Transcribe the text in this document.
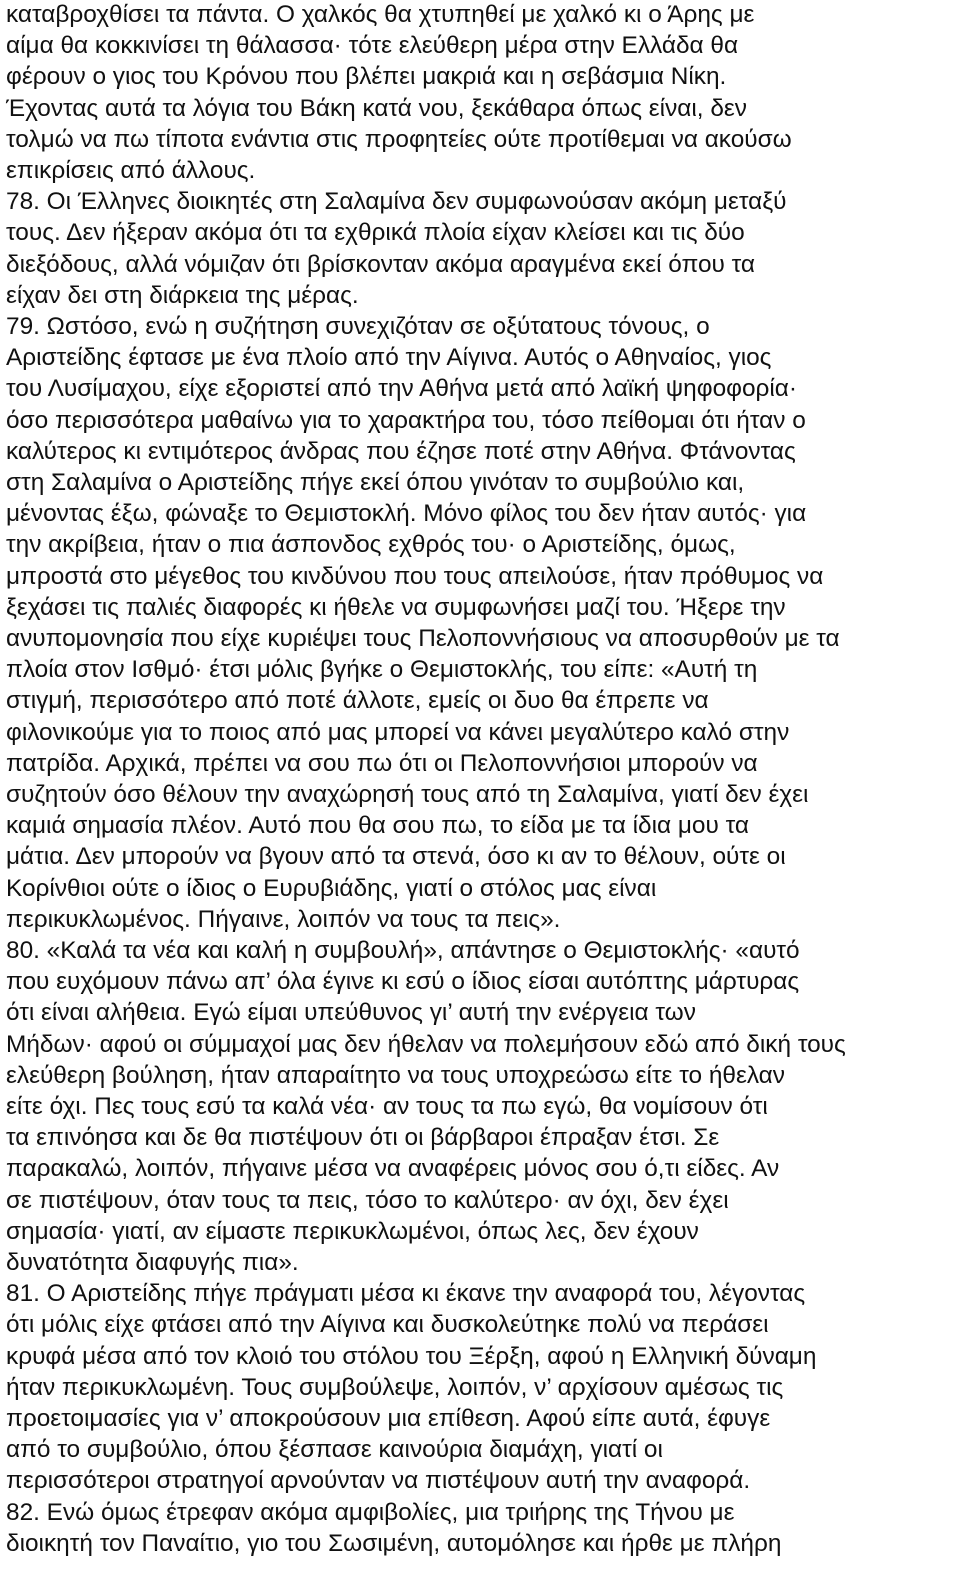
καταβροχθίσει τα πάντα. Ο χαλκός θα χτυπηθεί με χαλκό κι ο Άρης με
αίμα θα κοκκινίσει τη θάλασσα· τότε ελεύθερη μέρα στην Ελλάδα θα
φέρουν ο γιος του Κρόνου που βλέπει μακριά και η σεβάσμια Νίκη.
Έχοντας αυτά τα λόγια του Βάκη κατά νου, ξεκάθαρα όπως είναι, δεν
τολμώ να πω τίποτα ενάντια στις προφητείες ούτε προτίθεμαι να ακούσω
επικρίσεις από άλλους.
78. Οι Έλληνες διοικητές στη Σαλαμίνα δεν συμφωνούσαν ακόμη μεταξύ
τους. Δεν ήξεραν ακόμα ότι τα εχθρικά πλοία είχαν κλείσει και τις δύο
διεξόδους, αλλά νόμιζαν ότι βρίσκονταν ακόμα αραγμένα εκεί όπου τα
είχαν δει στη διάρκεια της μέρας.
79. Ωστόσο, ενώ η συζήτηση συνεχιζόταν σε οξύτατους τόνους, ο
Αριστείδης έφτασε με ένα πλοίο από την Αίγινα. Αυτός ο Αθηναίος, γιος
του Λυσίμαχου, είχε εξοριστεί από την Αθήνα μετά από λαϊκή ψηφοφορία·
όσο περισσότερα μαθαίνω για το χαρακτήρα του, τόσο πείθομαι ότι ήταν ο
καλύτερος κι εντιμότερος άνδρας που έζησε ποτέ στην Αθήνα. Φτάνοντας
στη Σαλαμίνα ο Αριστείδης πήγε εκεί όπου γινόταν το συμβούλιο και,
μένοντας έξω, φώναξε το Θεμιστοκλή. Μόνο φίλος του δεν ήταν αυτός· για
την ακρίβεια, ήταν ο πια άσπονδος εχθρός του· ο Αριστείδης, όμως,
μπροστά στο μέγεθος του κινδύνου που τους απειλούσε, ήταν πρόθυμος να
ξεχάσει τις παλιές διαφορές κι ήθελε να συμφωνήσει μαζί του. Ήξερε την
ανυπομονησία που είχε κυριέψει τους Πελοποννήσιους να αποσυρθούν με τα
πλοία στον Ισθμό· έτσι μόλις βγήκε ο Θεμιστοκλής, του είπε: «Αυτή τη
στιγμή, περισσότερο από ποτέ άλλοτε, εμείς οι δυο θα έπρεπε να
φιλονικούμε για το ποιος από μας μπορεί να κάνει μεγαλύτερο καλό στην
πατρίδα. Αρχικά, πρέπει να σου πω ότι οι Πελοποννήσιοι μπορούν να
συζητούν όσο θέλουν την αναχώρησή τους από τη Σαλαμίνα, γιατί δεν έχει
καμιά σημασία πλέον. Αυτό που θα σου πω, το είδα με τα ίδια μου τα
μάτια. Δεν μπορούν να βγουν από τα στενά, όσο κι αν το θέλουν, ούτε οι
Κορίνθιοι ούτε ο ίδιος ο Ευρυβιάδης, γιατί ο στόλος μας είναι
περικυκλωμένος. Πήγαινε, λοιπόν να τους τα πεις».
80. «Καλά τα νέα και καλή η συμβουλή», απάντησε ο Θεμιστοκλής· «αυτό
που ευχόμουν πάνω απ’ όλα έγινε κι εσύ ο ίδιος είσαι αυτόπτης μάρτυρας
ότι είναι αλήθεια. Εγώ είμαι υπεύθυνος γι’ αυτή την ενέργεια των
Μήδων· αφού οι σύμμαχοί μας δεν ήθελαν να πολεμήσουν εδώ από δική τους
ελεύθερη βούληση, ήταν απαραίτητο να τους υποχρεώσω είτε το ήθελαν
είτε όχι. Πες τους εσύ τα καλά νέα· αν τους τα πω εγώ, θα νομίσουν ότι
τα επινόησα και δε θα πιστέψουν ότι οι βάρβαροι έπραξαν έτσι. Σε
παρακαλώ, λοιπόν, πήγαινε μέσα να αναφέρεις μόνος σου ό,τι είδες. Αν
σε πιστέψουν, όταν τους τα πεις, τόσο το καλύτερο· αν όχι, δεν έχει
σημασία· γιατί, αν είμαστε περικυκλωμένοι, όπως λες, δεν έχουν
δυνατότητα διαφυγής πια».
81. Ο Αριστείδης πήγε πράγματι μέσα κι έκανε την αναφορά του, λέγοντας
ότι μόλις είχε φτάσει από την Αίγινα και δυσκολεύτηκε πολύ να περάσει
κρυφά μέσα από τον κλοιό του στόλου του Ξέρξη, αφού η Ελληνική δύναμη
ήταν περικυκλωμένη. Τους συμβούλεψε, λοιπόν, ν’ αρχίσουν αμέσως τις
προετοιμασίες για ν’ αποκρούσουν μια επίθεση. Αφού είπε αυτά, έφυγε
από το συμβούλιο, όπου ξέσπασε καινούρια διαμάχη, γιατί οι
περισσότεροι στρατηγοί αρνούνταν να πιστέψουν αυτή την αναφορά.
82. Ενώ όμως έτρεφαν ακόμα αμφιβολίες, μια τριήρης της Τήνου με
διοικητή τον Παναίτιο, γιο του Σωσιμένη, αυτομόλησε και ήρθε με πλήρη
